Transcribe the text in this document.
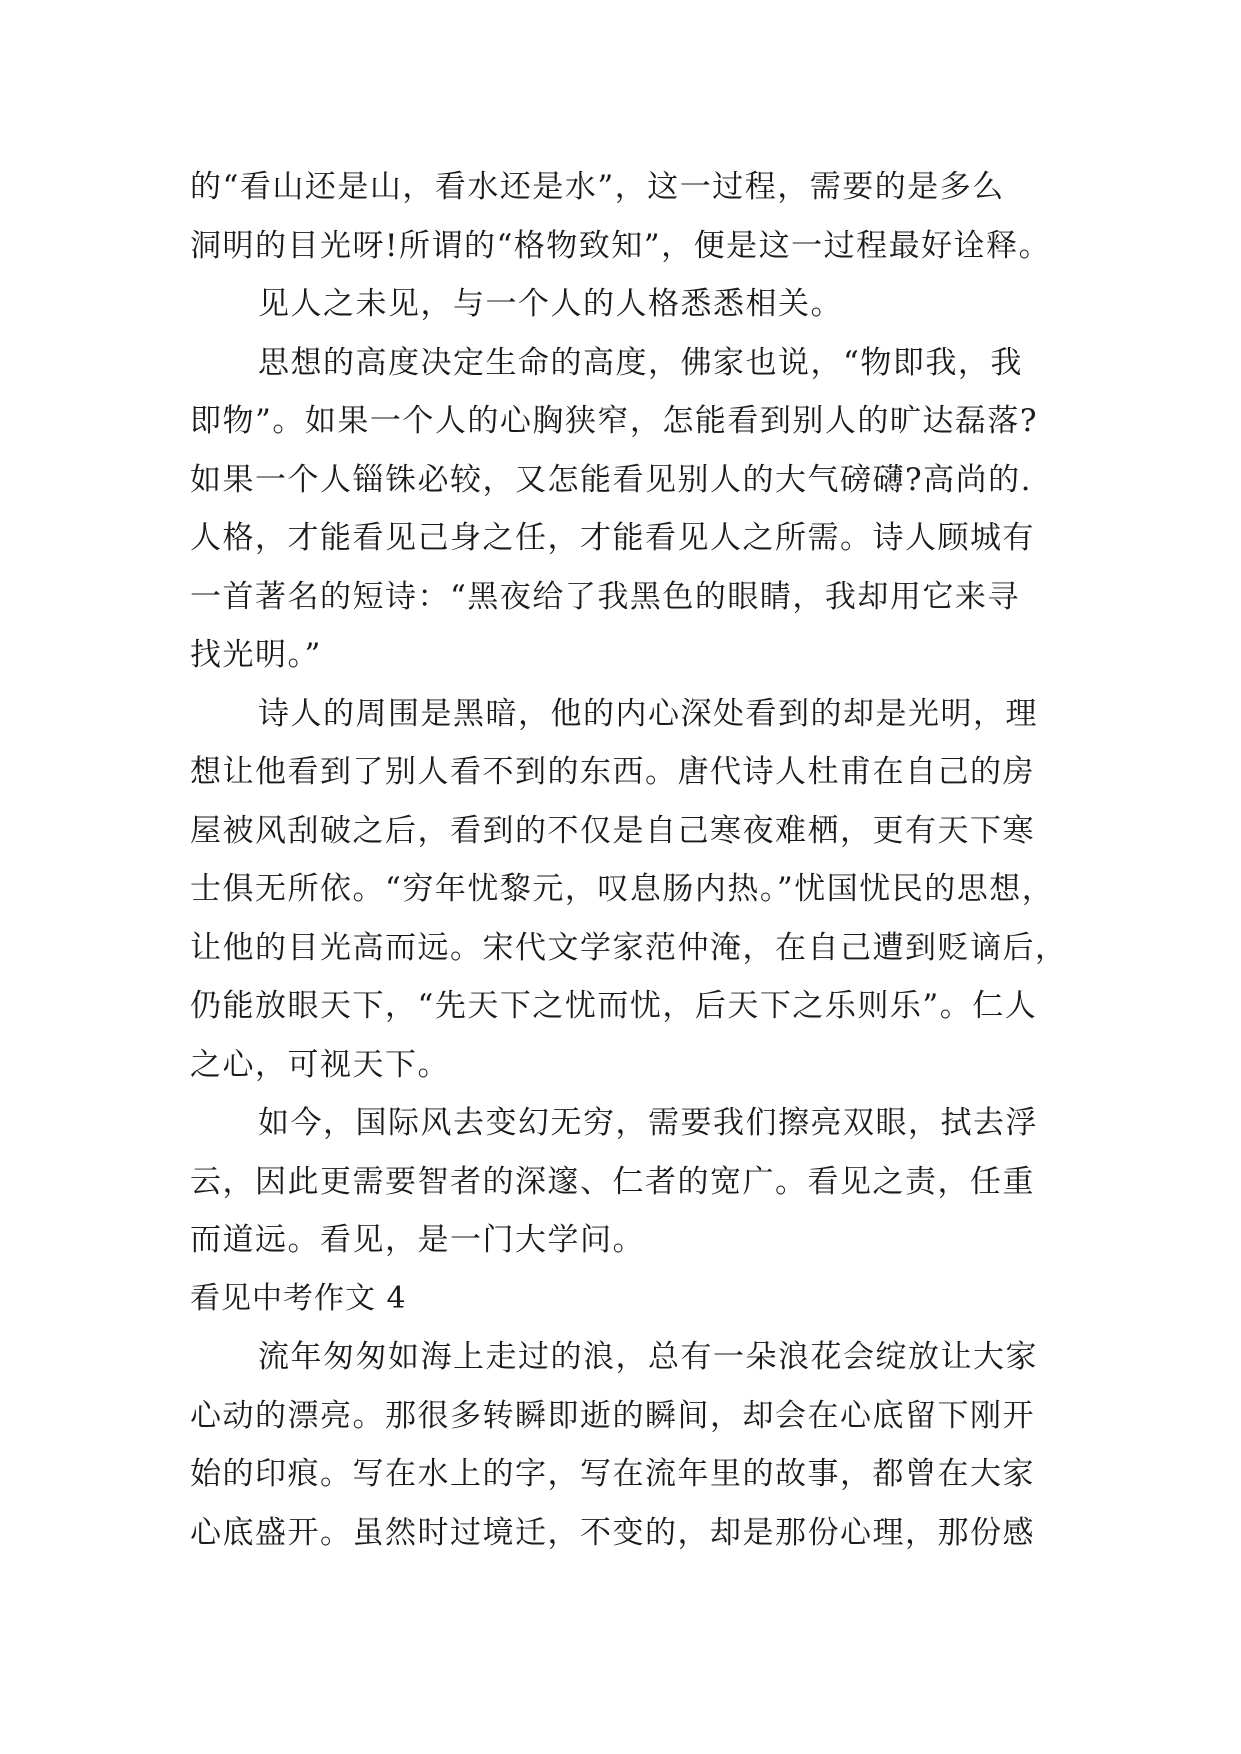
的“看山还是山，看水还是水”，这一过程，需要的是多么
洞明的目光呀!所谓的“格物致知”，便是这一过程最好诠释。
见人之未见，与一个人的人格悉悉相关。
思想的高度决定生命的高度，佛家也说，“物即我，我
即物”。如果一个人的心胸狭窄，怎能看到别人的旷达磊落?
如果一个人锱铢必较，又怎能看见别人的大气磅礴?高尚的.
人格，才能看见己身之任，才能看见人之所需。诗人顾城有
一首著名的短诗：“黑夜给了我黑色的眼睛，我却用它来寻
找光明。”
诗人的周围是黑暗，他的内心深处看到的却是光明，理
想让他看到了别人看不到的东西。唐代诗人杜甫在自己的房
屋被风刮破之后，看到的不仅是自己寒夜难栖，更有天下寒
士俱无所依。“穷年忧黎元，叹息肠内热。”忧国忧民的思想，
让他的目光高而远。宋代文学家范仲淹，在自己遭到贬谪后，
仍能放眼天下，“先天下之忧而忧，后天下之乐则乐”。仁人
之心，可视天下。
如今，国际风去变幻无穷，需要我们擦亮双眼，拭去浮
云，因此更需要智者的深邃、仁者的宽广。看见之责，任重
而道远。看见，是一门大学问。
看见中考作文 4
流年匆匆如海上走过的浪，总有一朵浪花会绽放让大家
心动的漂亮。那很多转瞬即逝的瞬间，却会在心底留下刚开
始的印痕。写在水上的字，写在流年里的故事，都曾在大家
心底盛开。虽然时过境迁，不变的，却是那份心理，那份感
